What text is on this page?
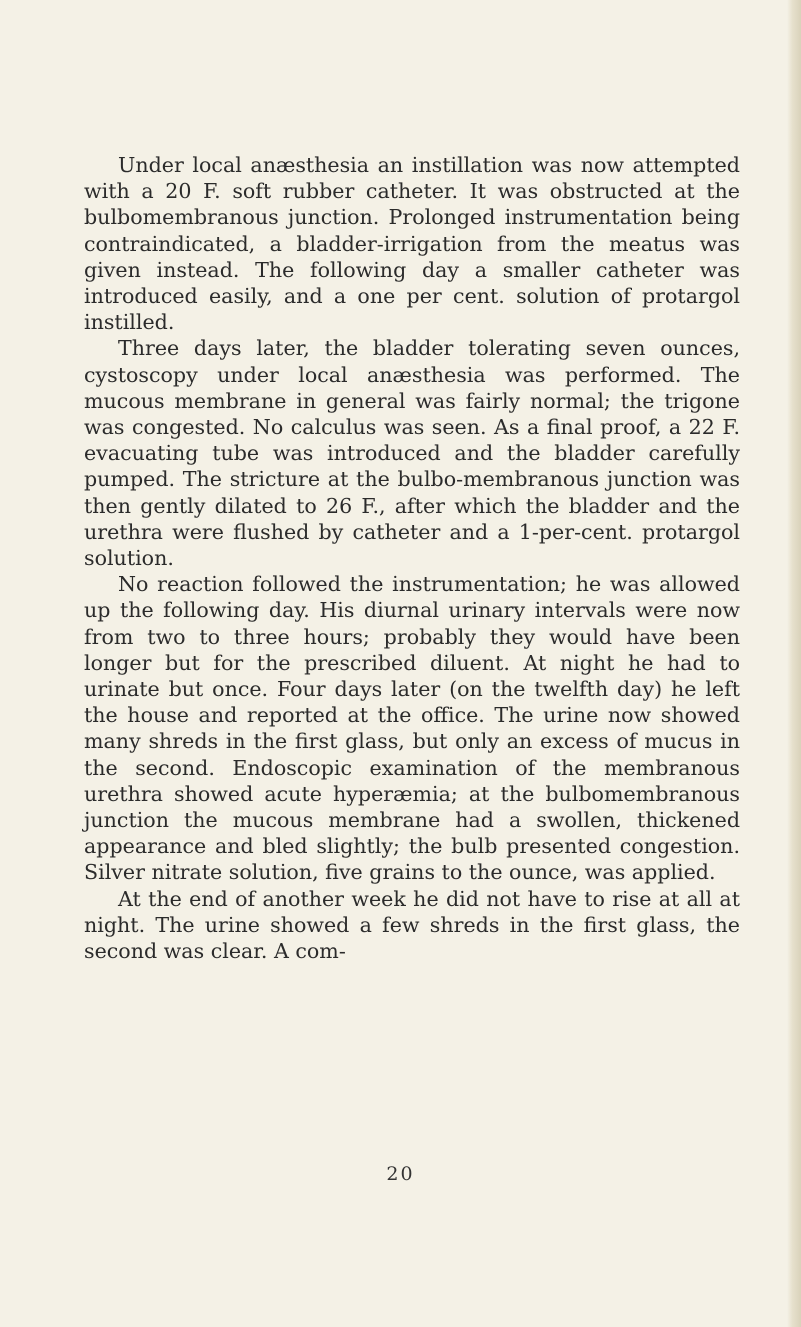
Under local anæsthesia an instillation was now attempted with a 20 F. soft rubber catheter. It was obstructed at the bulbomembranous junction. Prolonged instrumentation being contraindicated, a bladder-irrigation from the meatus was given instead. The following day a smaller catheter was introduced easily, and a one per cent. solution of protargol instilled.

Three days later, the bladder tolerating seven ounces, cystoscopy under local anæsthesia was performed. The mucous membrane in general was fairly normal; the trigone was congested. No calculus was seen. As a final proof, a 22 F. evacuating tube was introduced and the bladder carefully pumped. The stricture at the bulbo-membranous junction was then gently dilated to 26 F., after which the bladder and the urethra were flushed by catheter and a 1-per-cent. protargol solution.

No reaction followed the instrumentation; he was allowed up the following day. His diurnal urinary intervals were now from two to three hours; probably they would have been longer but for the prescribed diluent. At night he had to urinate but once. Four days later (on the twelfth day) he left the house and reported at the office. The urine now showed many shreds in the first glass, but only an excess of mucus in the second. Endoscopic examination of the membranous urethra showed acute hyperæmia; at the bulbomembranous junction the mucous membrane had a swollen, thickened appearance and bled slightly; the bulb presented congestion. Silver nitrate solution, five grains to the ounce, was applied.

At the end of another week he did not have to rise at all at night. The urine showed a few shreds in the first glass, the second was clear. A com-

20
